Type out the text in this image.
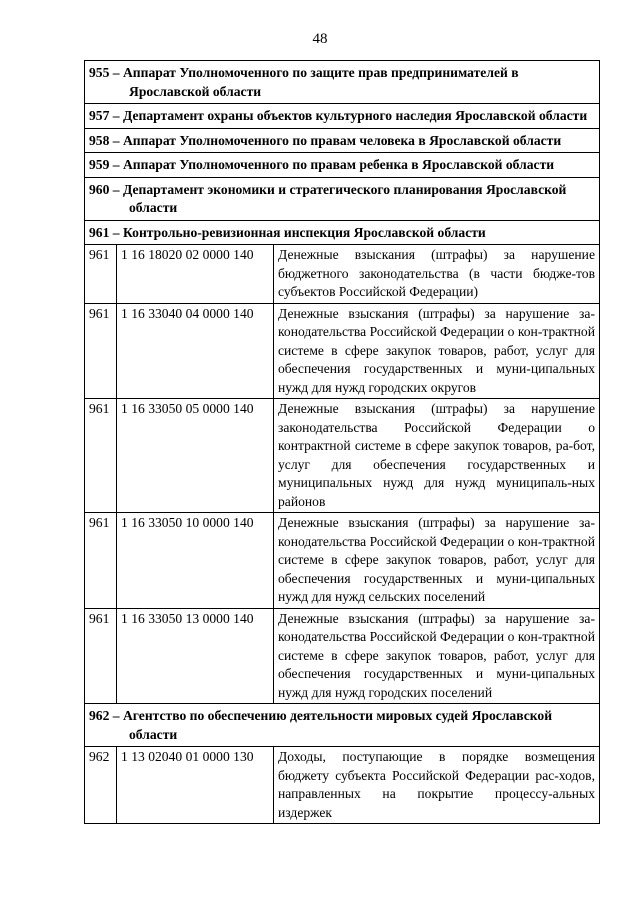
48
955 – Аппарат Уполномоченного по защите прав предпринимателей в Ярославской области		

957 – Департамент охраны объектов культурного наследия Ярославской области		

958 – Аппарат Уполномоченного по правам человека в Ярославской области		

959 – Аппарат Уполномоченного по правам ребенка в Ярославской области		

960 – Департамент экономики и стратегического планирования Ярославской области		

961 – Контрольно-ревизионная инспекция Ярославской области		

961	1 16 18020 02 0000 140	Денежные взыскания (штрафы) за нарушение бюджетного законодательства (в части бюдже-тов субъектов Российской Федерации)
961	1 16 33040 04 0000 140	Денежные взыскания (штрафы) за нарушение за-конодательства Российской Федерации о кон-трактной системе в сфере закупок товаров, работ, услуг для обеспечения государственных и муни-ципальных нужд для нужд городских округов
961	1 16 33050 05 0000 140	Денежные взыскания (штрафы) за нарушение законодательства Российской Федерации о контрактной системе в сфере закупок товаров, ра-бот, услуг для обеспечения государственных и муниципальных нужд для нужд муниципаль-ных районов
961	1 16 33050 10 0000 140	Денежные взыскания (штрафы) за нарушение за-конодательства Российской Федерации о кон-трактной системе в сфере закупок товаров, работ, услуг для обеспечения государственных и муни-ципальных нужд для нужд сельских поселений
961	1 16 33050 13 0000 140	Денежные взыскания (штрафы) за нарушение за-конодательства Российской Федерации о кон-трактной системе в сфере закупок товаров, работ, услуг для обеспечения государственных и муни-ципальных нужд для нужд городских поселений

962 – Агентство по обеспечению деятельности мировых судей Ярославской области		

962	1 13 02040 01 0000 130	Доходы, поступающие в порядке возмещения бюджету субъекта Российской Федерации рас-ходов, направленных на покрытие процессу-альных издержек
